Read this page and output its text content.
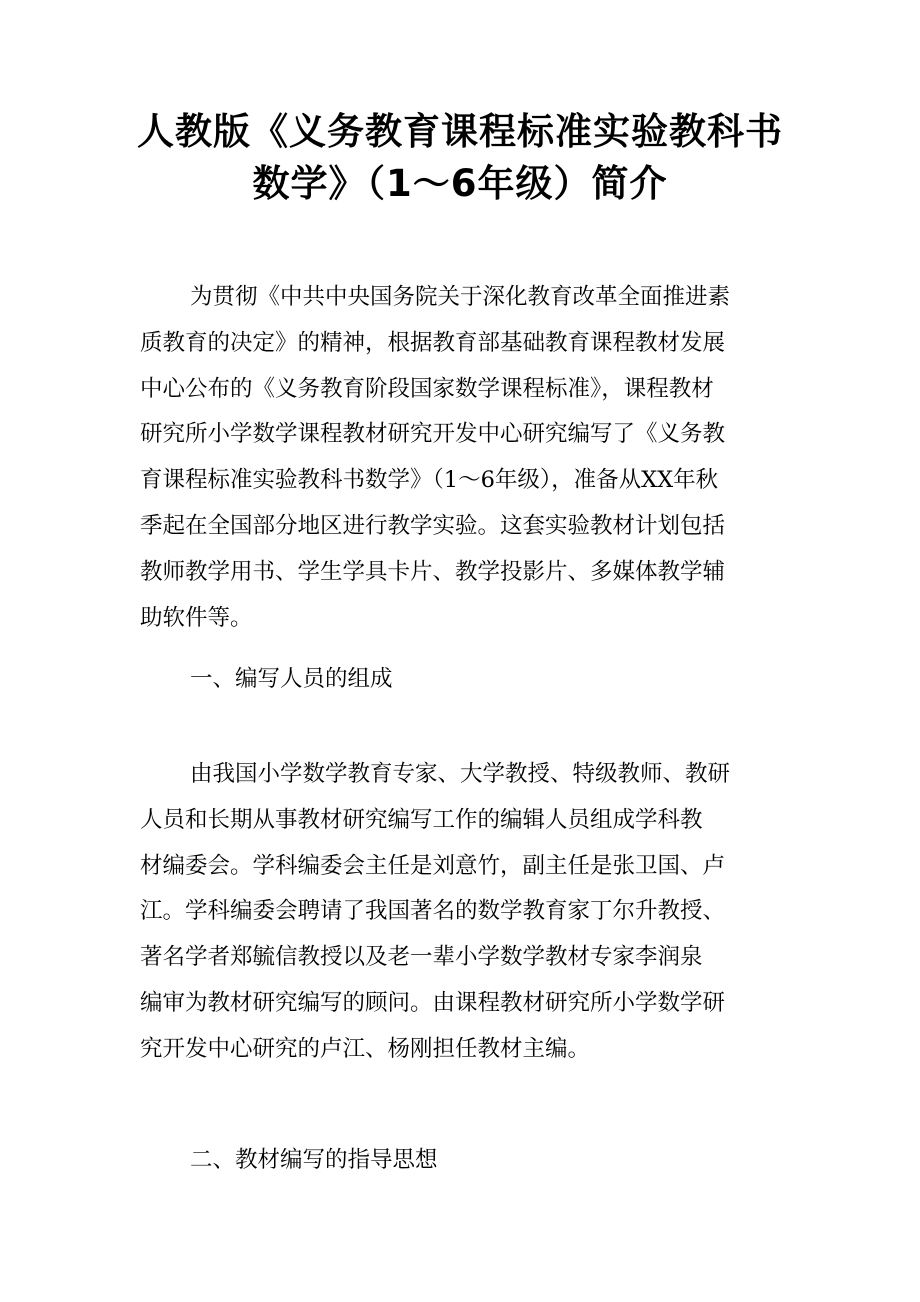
人教版《义务教育课程标准实验教科书
数学》（1～6年级）简介
为贯彻《中共中央国务院关于深化教育改革全面推进素
质教育的决定》的精神，根据教育部基础教育课程教材发展
中心公布的《义务教育阶段国家数学课程标准》，课程教材
研究所小学数学课程教材研究开发中心研究编写了《义务教
育课程标准实验教科书数学》（1～6年级），准备从XX年秋
季起在全国部分地区进行教学实验。这套实验教材计划包括
教师教学用书、学生学具卡片、教学投影片、多媒体教学辅
助软件等。
一、编写人员的组成
由我国小学数学教育专家、大学教授、特级教师、教研
人员和长期从事教材研究编写工作的编辑人员组成学科教
材编委会。学科编委会主任是刘意竹，副主任是张卫国、卢
江。学科编委会聘请了我国著名的数学教育家丁尔升教授、
著名学者郑毓信教授以及老一辈小学数学教材专家李润泉
编审为教材研究编写的顾问。由课程教材研究所小学数学研
究开发中心研究的卢江、杨刚担任教材主编。
二、教材编写的指导思想
